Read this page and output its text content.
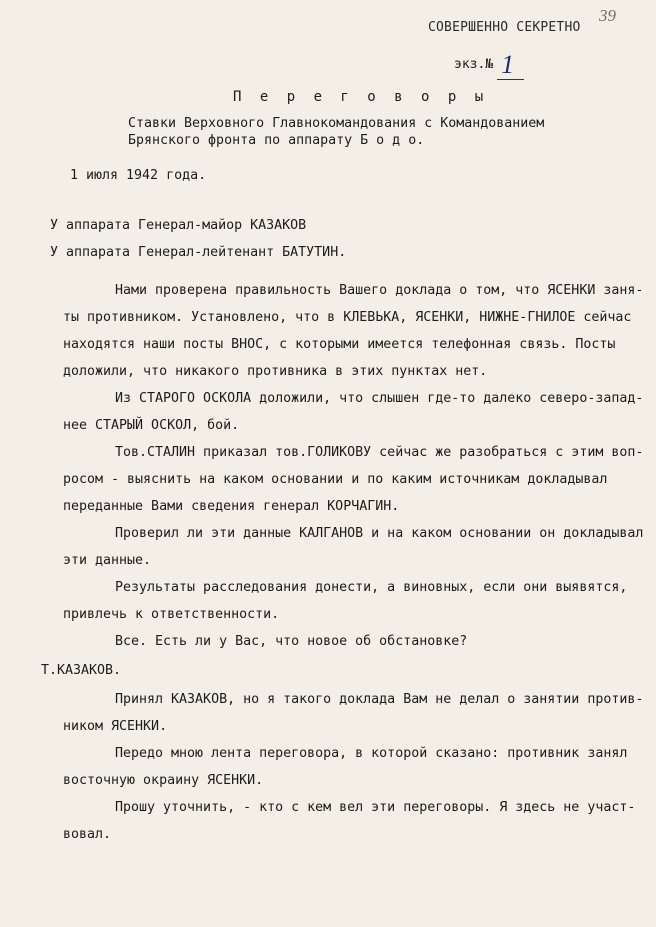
39
СОВЕРШЕННО СЕКРЕТНО
экз.№ 1
П е р е г о в о р ы
Ставки Верховного Главнокомандования с Командованием
Брянского фронта по аппарату Б о д о.
1 июля 1942 года.
У аппарата Генерал-майор КАЗАКОВ
У аппарата Генерал-лейтенант БАТУТИН.
Нами проверена правильность Вашего доклада о том, что ЯСЕНКИ заня-
ты противником. Установлено, что в КЛЕВЬКА, ЯСЕНКИ, НИЖНЕ-ГНИЛОЕ сейчас
находятся наши посты ВНОС, с которыми имеется телефонная связь. Посты
доложили, что никакого противника в этих пунктах нет.
Из СТАРОГО ОСКОЛА доложили, что слышен где-то далеко северо-запад-
нее СТАРЫЙ ОСКОЛ, бой.
Тов.СТАЛИН приказал тов.ГОЛИКОВУ сейчас же разобраться с этим воп-
росом - выяснить на каком основании и по каким источникам докладывал
переданные Вами сведения генерал КОРЧАГИН.
Проверил ли эти данные КАЛГАНОВ и на каком основании он докладывал
эти данные.
Результаты расследования донести, а виновных, если они выявятся,
привлечь к ответственности.
Все. Есть ли у Вас, что новое об обстановке?
Т.КАЗАКОВ.
Принял КАЗАКОВ, но я такого доклада Вам не делал о занятии против-
ником ЯСЕНКИ.
Передо мною лента переговора, в которой сказано: противник занял
восточную окраину ЯСЕНКИ.
Прошу уточнить, - кто с кем вел эти переговоры. Я здесь не участ-
вовал.
